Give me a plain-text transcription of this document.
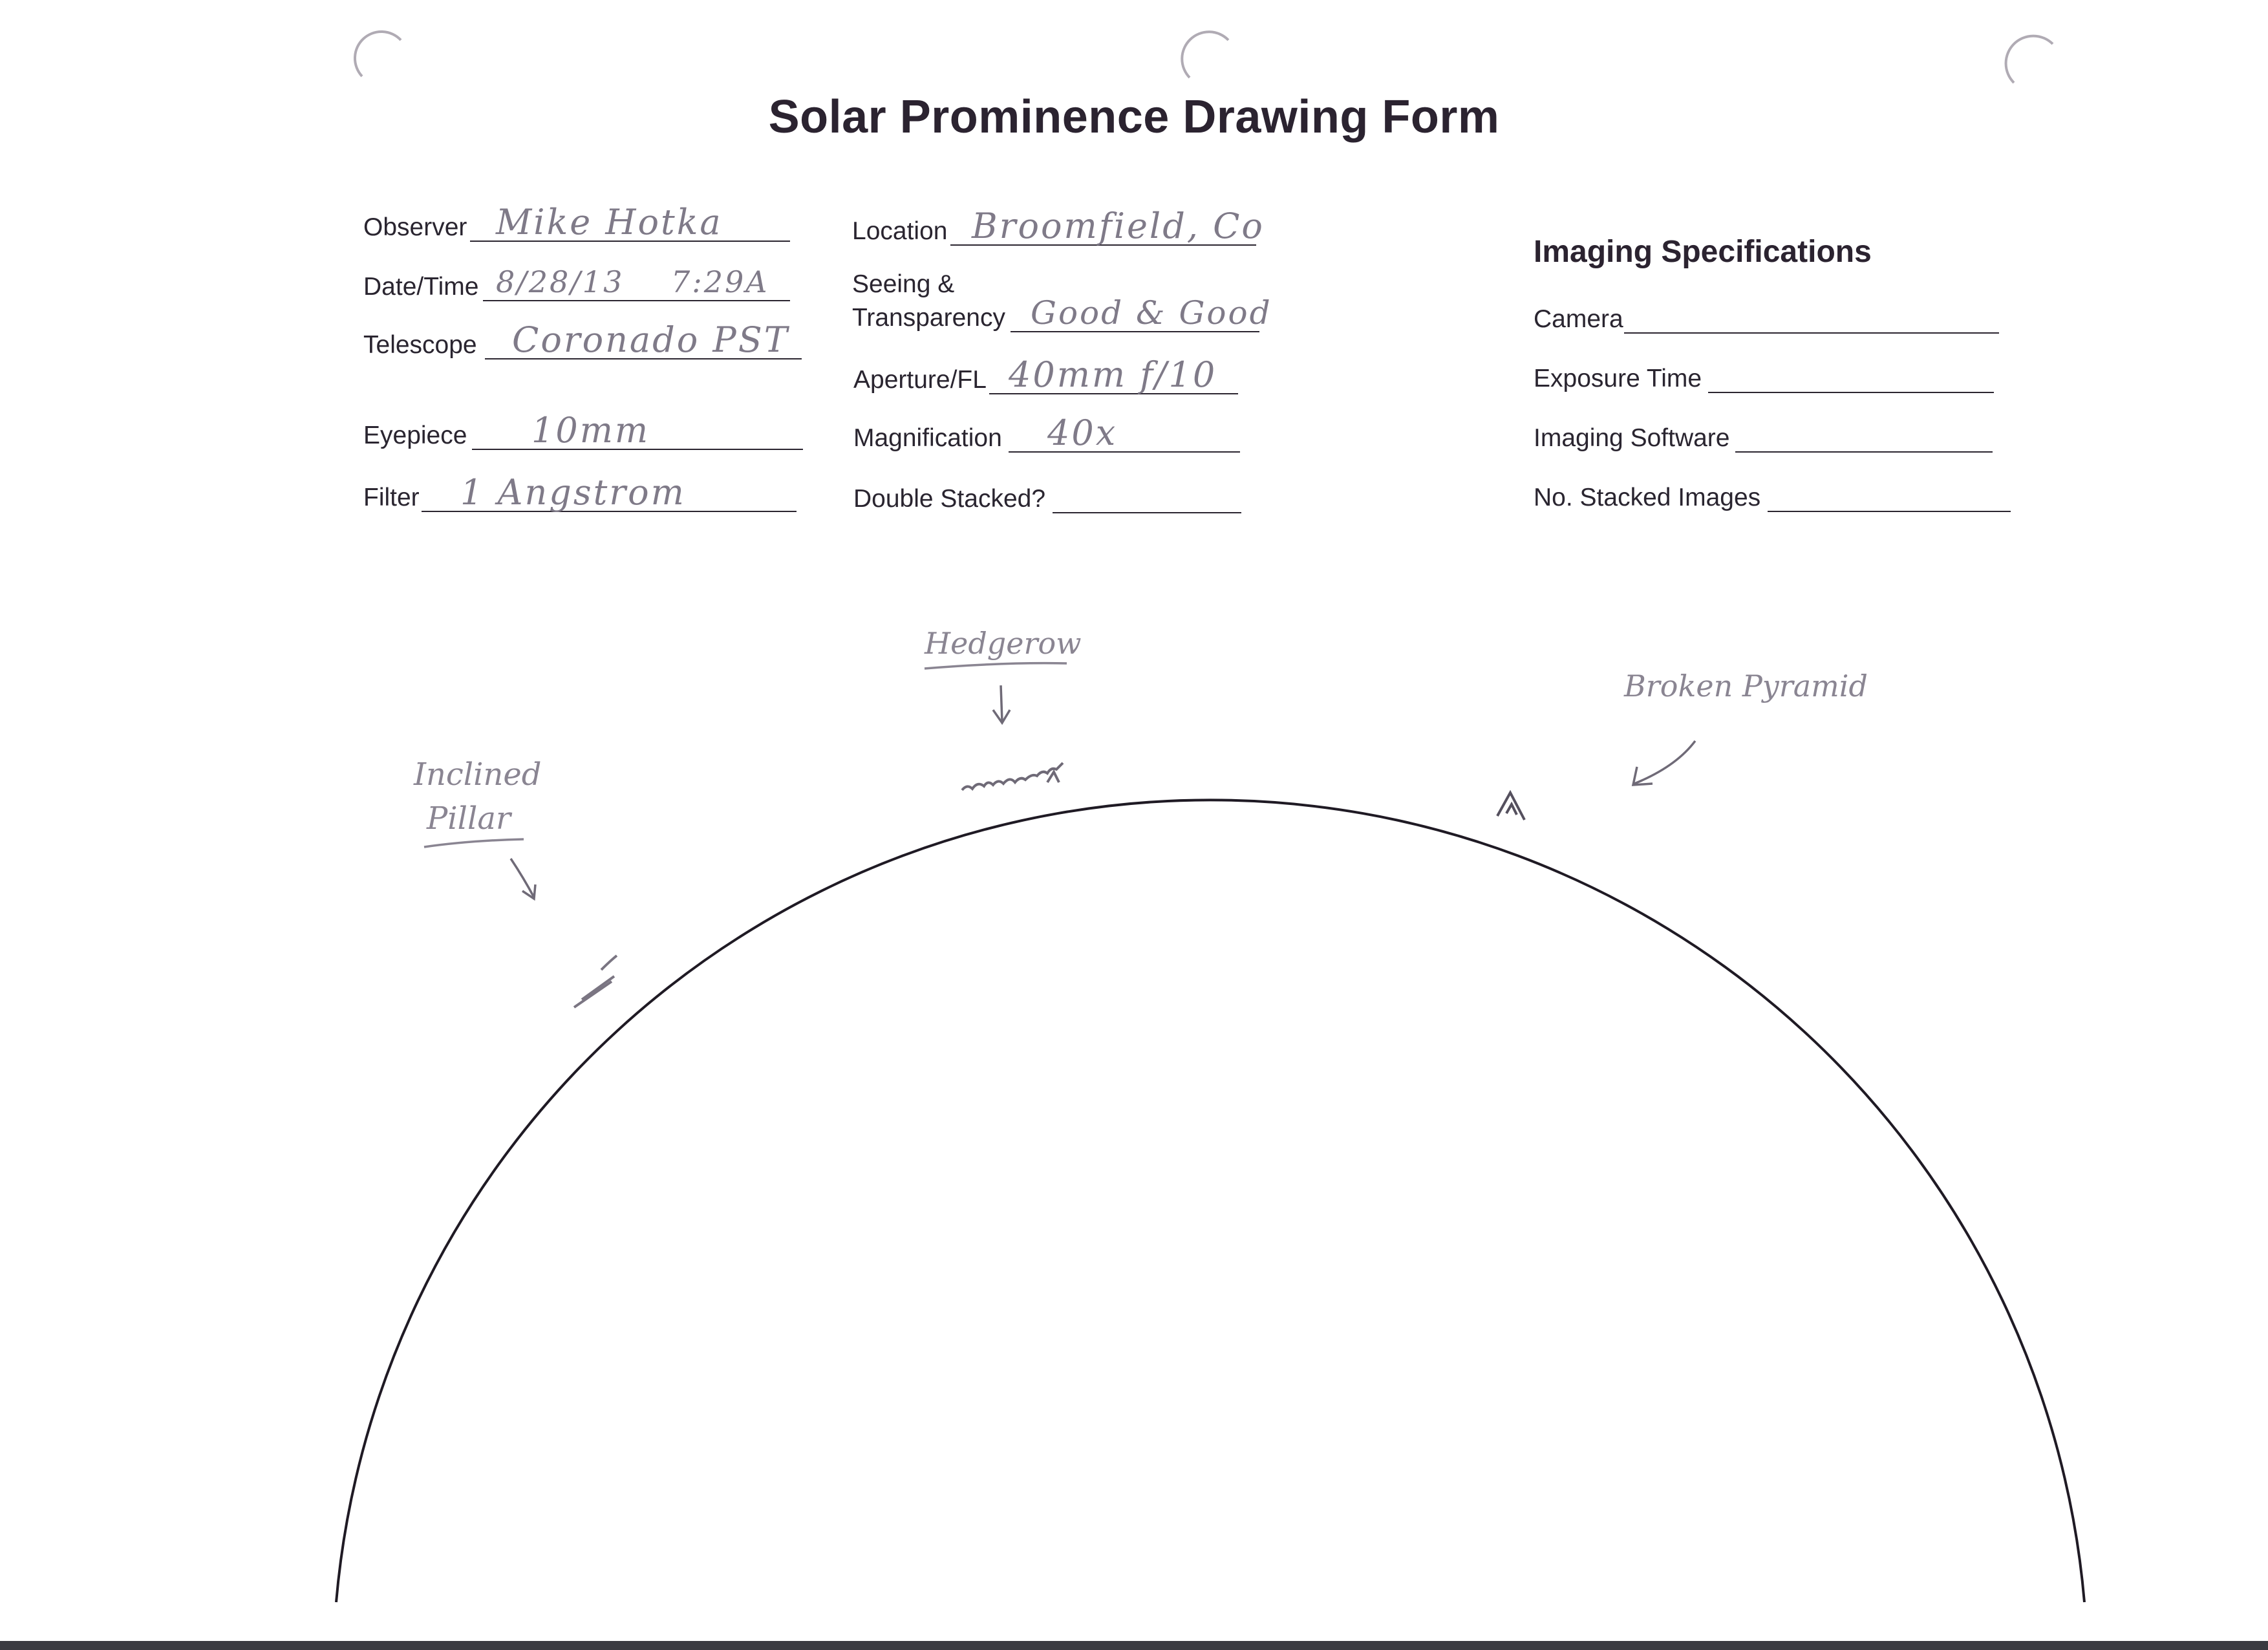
Solar Prominence Drawing Form
Observer Mike Hotka
Date/Time 8/28/13 7:29A
Telescope Coronado PST
Eyepiece 10mm
Filter 1 Angstrom
Location Broomfield, Co
Seeing &
Transparency Good & Good
Aperture/FL 40mm f/10
Magnification 40x
Double Stacked?
Imaging Specifications
Camera
Exposure Time
Imaging Software
No. Stacked Images
Hedgerow
Broken Pyramid
Inclined
Pillar
